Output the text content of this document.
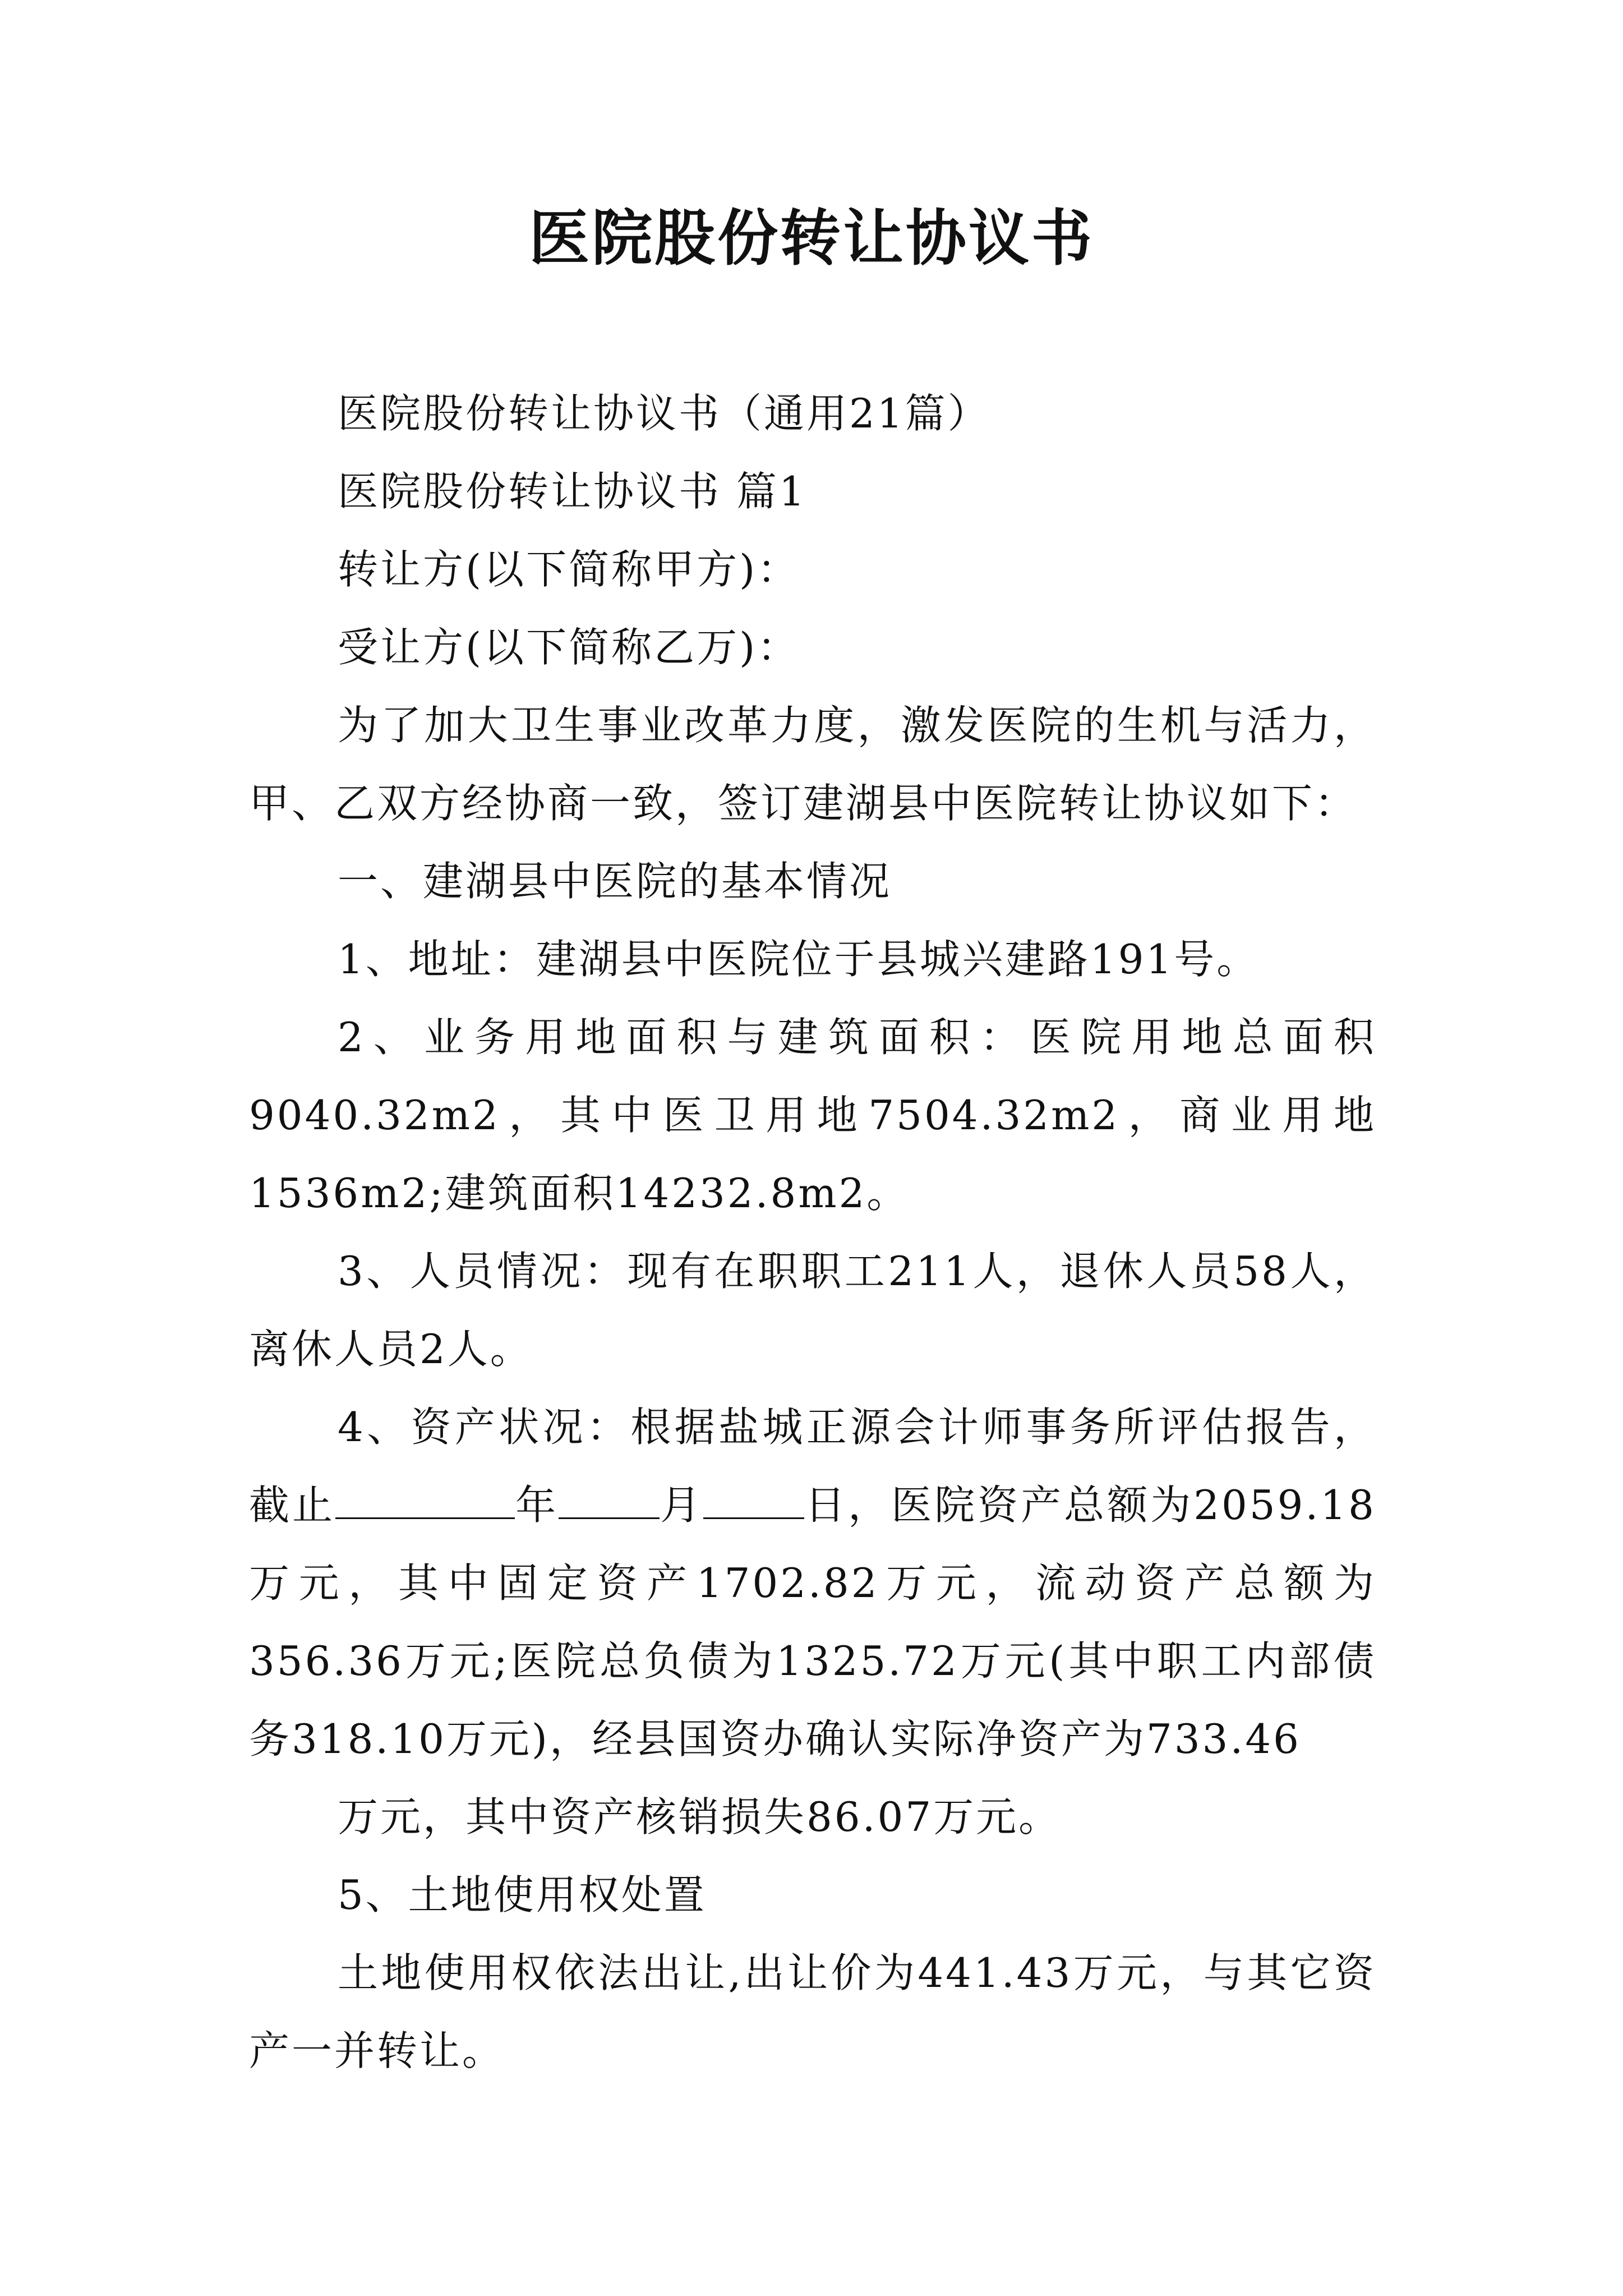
医院股份转让协议书

医院股份转让协议书（通用21篇）

医院股份转让协议书 篇1

转让方(以下简称甲方)：

受让方(以下简称乙万)：

为了加大卫生事业改革力度，激发医院的生机与活力，甲、乙双方经协商一致，签订建湖县中医院转让协议如下：

一、建湖县中医院的基本情况

1、地址：建湖县中医院位于县城兴建路191号。

2、业务用地面积与建筑面积：医院用地总面积9040.32m2，其中医卫用地7504.32m2，商业用地1536m2;建筑面积14232.8m2。

3、人员情况：现有在职职工211人，退休人员58人，离休人员2人。

4、资产状况：根据盐城正源会计师事务所评估报告，截止	年	月	日，医院资产总额为2059.18万元，其中固定资产1702.82万元，流动资产总额为356.36万元;医院总负债为1325.72万元(其中职工内部债务318.10万元)，经县国资办确认实际净资产为733.46

万元，其中资产核销损失86.07万元。

5、土地使用权处置

土地使用权依法出让,出让价为441.43万元，与其它资产一并转让。
